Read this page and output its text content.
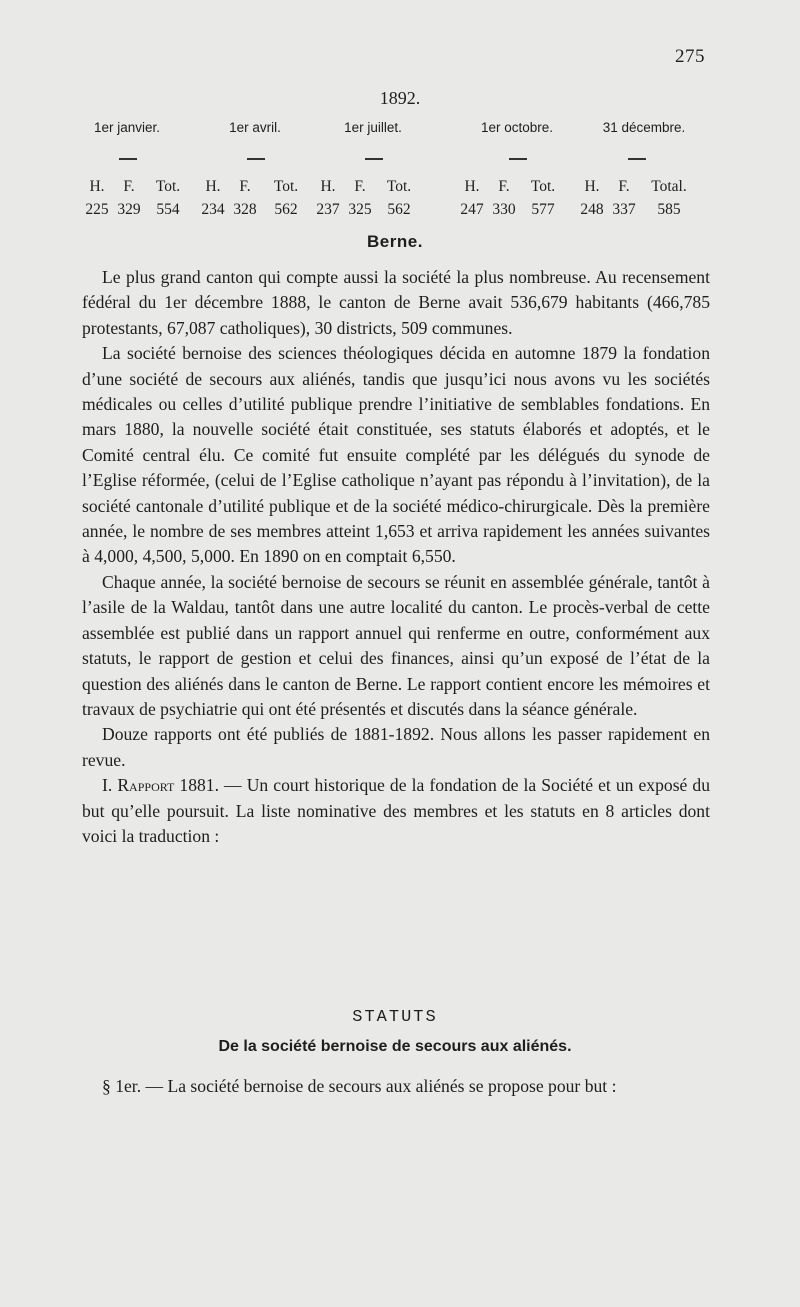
275
1892.
1er janvier.	1er avril.	1er juillet.	1er octobre.	31 décembre.
H.	F.	Tot.	H.	F.	Tot.	H.	F.	Tot.	H.	F.	Tot.	H.	F.	Total.
225 329	554	234 328	562	237 325	562	247 330	577	248 337	585
Berne.

Le plus grand canton qui compte aussi la société la plus nombreuse. Au recensement fédéral du 1er décembre 1888, le canton de Berne avait 536,679 habitants (466,785 protestants, 67,087 catholiques), 30 districts, 509 communes.

La société bernoise des sciences théologiques décida en automne 1879 la fondation d’une société de secours aux aliénés, tandis que jusqu’ici nous avons vu les sociétés médicales ou celles d’utilité publique prendre l’initiative de semblables fondations. En mars 1880, la nouvelle société était constituée, ses statuts élaborés et adoptés, et le Comité central élu. Ce comité fut ensuite complété par les délégués du synode de l’Eglise réformée, (celui de l’Eglise catholique n’ayant pas répondu à l’invitation), de la société cantonale d’utilité publique et de la société médico-chirurgicale. Dès la première année, le nombre de ses membres atteint 1,653 et arriva rapidement les années suivantes à 4,000, 4,500, 5,000. En 1890 on en comptait 6,550.

Chaque année, la société bernoise de secours se réunit en assemblée générale, tantôt à l’asile de la Waldau, tantôt dans une autre localité du canton. Le procès-verbal de cette assemblée est publié dans un rapport annuel qui renferme en outre, conformément aux statuts, le rapport de gestion et celui des finances, ainsi qu’un exposé de l’état de la question des aliénés dans le canton de Berne. Le rapport contient encore les mémoires et travaux de psychiatrie qui ont été présentés et discutés dans la séance générale.

Douze rapports ont été publiés de 1881-1892. Nous allons les passer rapidement en revue.

I. Rapport 1881. — Un court historique de la fondation de la Société et un exposé du but qu’elle poursuit. La liste nominative des membres et les statuts en 8 articles dont voici la traduction :

STATUTS
De la société bernoise de secours aux aliénés.

§ 1er. — La société bernoise de secours aux aliénés se propose pour but :
